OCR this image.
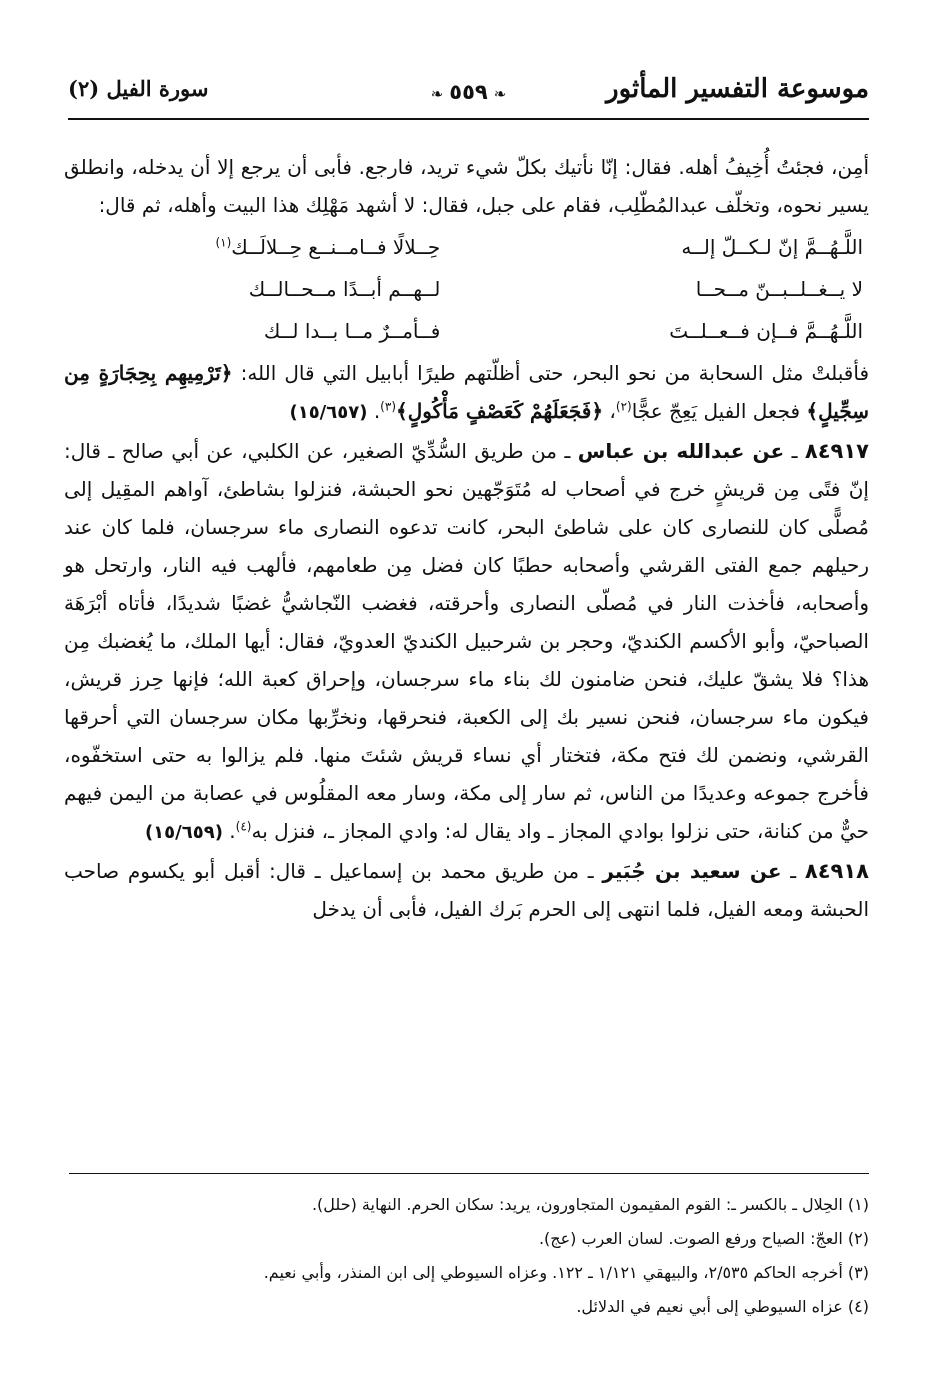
موسوعة التفسير المأثور
❧٥٥٩❧
سورة الفيل (٢)

أمِن، فجئتُ أُخِيفُ أهله. فقال: إنّا نأتيك بكلّ شيء تريد، فارجع. فأبى أن يرجع إلا أن يدخله، وانطلق يسير نحوه، وتخلّف عبدالمُطّلِب، فقام على جبل، فقال: لا أشهد مَهْلِك هذا البيت وأهله، ثم قال:

اللَّـهُــمَّ إنّ لـكــلّ إلــه
حِــلالًا فــامــنــع حِــلالَــك$^{(١)}$
لا يــغــلــبــنّ مــحــا
لــهــم أبــدًا مــحــالــك
اللَّـهُــمَّ فــإن فــعــلــتَ
فــأمــرٌ مــا بــدا لــك

فأقبلتْ مثل السحابة من نحو البحر، حتى أظلّتهم طيرًا أبابيل التي قال الله: ﴿تَرْمِيهِم بِحِجَارَةٍ مِن سِجِّيلٍ﴾ فجعل الفيل يَعِجّ عجًّا$^{(٢)}$، ﴿فَجَعَلَهُمْ كَعَصْفٍ مَأْكُولٍ﴾$^{(٣)}$. (١٥/٦٥٧)

٨٤٩١٧ ـ عن عبدالله بن عباس ـ من طريق السُّدِّيّ الصغير، عن الكلبي، عن أبي صالح ـ قال: إنّ فتًى مِن قريشٍ خرج في أصحاب له مُتَوَجّهين نحو الحبشة، فنزلوا بشاطئ، آواهم المقِيل إلى مُصلًّى كان للنصارى كان على شاطئ البحر، كانت تدعوه النصارى ماء سرجسان، فلما كان عند رحيلهم جمع الفتى القرشي وأصحابه حطبًا كان فضل مِن طعامهم، فألهب فيه النار، وارتحل هو وأصحابه، فأخذت النار في مُصلّى النصارى وأحرقته، فغضب النّجاشيُّ غضبًا شديدًا، فأتاه أبْرَهَة الصباحيّ، وأبو الأكسم الكنديّ، وحجر بن شرحبيل الكنديّ العدويّ، فقال: أيها الملك، ما يُغضبك مِن هذا؟ فلا يشقّ عليك، فنحن ضامنون لك بناء ماء سرجسان، وإحراق كعبة الله؛ فإنها حِرز قريش، فيكون ماء سرجسان، فنحن نسير بك إلى الكعبة، فنحرقها، ونخرِّبها مكان سرجسان التي أحرقها القرشي، ونضمن لك فتح مكة، فتختار أي نساء قريش شئتَ منها. فلم يزالوا به حتى استخفّوه، فأخرج جموعه وعديدًا من الناس، ثم سار إلى مكة، وسار معه المقلُوس في عصابة من اليمن فيهم حيٌّ من كنانة، حتى نزلوا بوادي المجاز ـ واد يقال له: وادي المجاز ـ، فنزل به$^{(٤)}$. (١٥/٦٥٩)

٨٤٩١٨ ـ عن سعيد بن جُبَير ـ من طريق محمد بن إسماعيل ـ قال: أقبل أبو يكسوم صاحب الحبشة ومعه الفيل، فلما انتهى إلى الحرم بَرك الفيل، فأبى أن يدخل

(١) الحِلال ـ بالكسر ـ: القوم المقيمون المتجاورون، يريد: سكان الحرم. النهاية (حلل).
(٢) العجّ: الصياح ورفع الصوت. لسان العرب (عج).
(٣) أخرجه الحاكم ٢/٥٣٥، والبيهقي ١/١٢١ ـ ١٢٢. وعزاه السيوطي إلى ابن المنذر، وأبي نعيم.
(٤) عزاه السيوطي إلى أبي نعيم في الدلائل.
